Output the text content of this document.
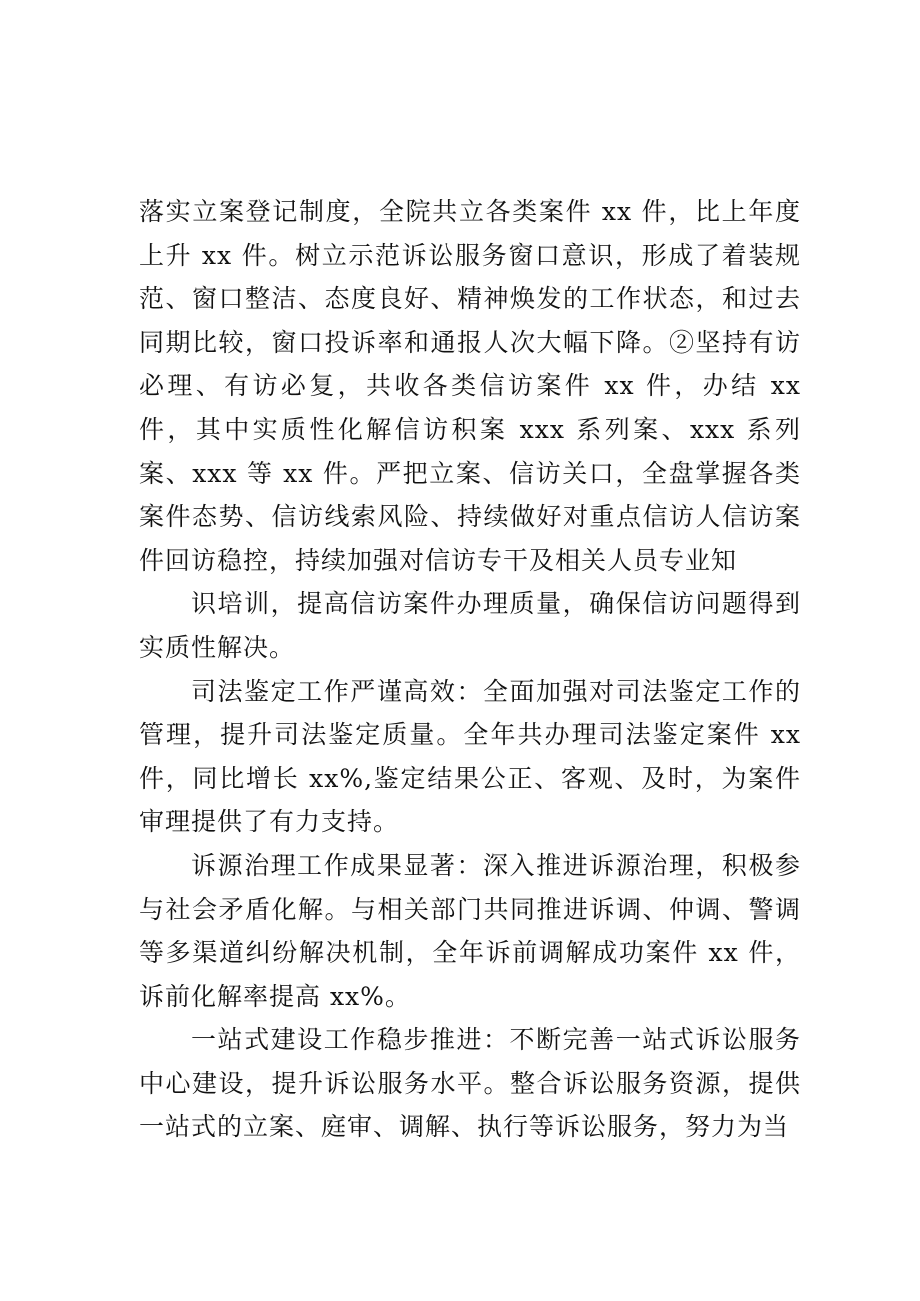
落实立案登记制度，全院共立各类案件 xx 件，比上年度上升 xx 件。树立示范诉讼服务窗口意识，形成了着装规范、窗口整洁、态度良好、精神焕发的工作状态，和过去同期比较，窗口投诉率和通报人次大幅下降。②坚持有访必理、有访必复，共收各类信访案件 xx 件，办结 xx 件，其中实质性化解信访积案 xxx 系列案、xxx 系列案、xxx 等 xx 件。严把立案、信访关口，全盘掌握各类案件态势、信访线索风险、持续做好对重点信访人信访案件回访稳控，持续加强对信访专干及相关人员专业知

识培训，提高信访案件办理质量，确保信访问题得到实质性解决。

司法鉴定工作严谨高效：全面加强对司法鉴定工作的管理，提升司法鉴定质量。全年共办理司法鉴定案件 xx 件，同比增长 xx%,鉴定结果公正、客观、及时，为案件审理提供了有力支持。

诉源治理工作成果显著：深入推进诉源治理，积极参与社会矛盾化解。与相关部门共同推进诉调、仲调、警调等多渠道纠纷解决机制，全年诉前调解成功案件 xx 件，诉前化解率提高 xx%。

一站式建设工作稳步推进：不断完善一站式诉讼服务中心建设，提升诉讼服务水平。整合诉讼服务资源，提供一站式的立案、庭审、调解、执行等诉讼服务，努力为当
